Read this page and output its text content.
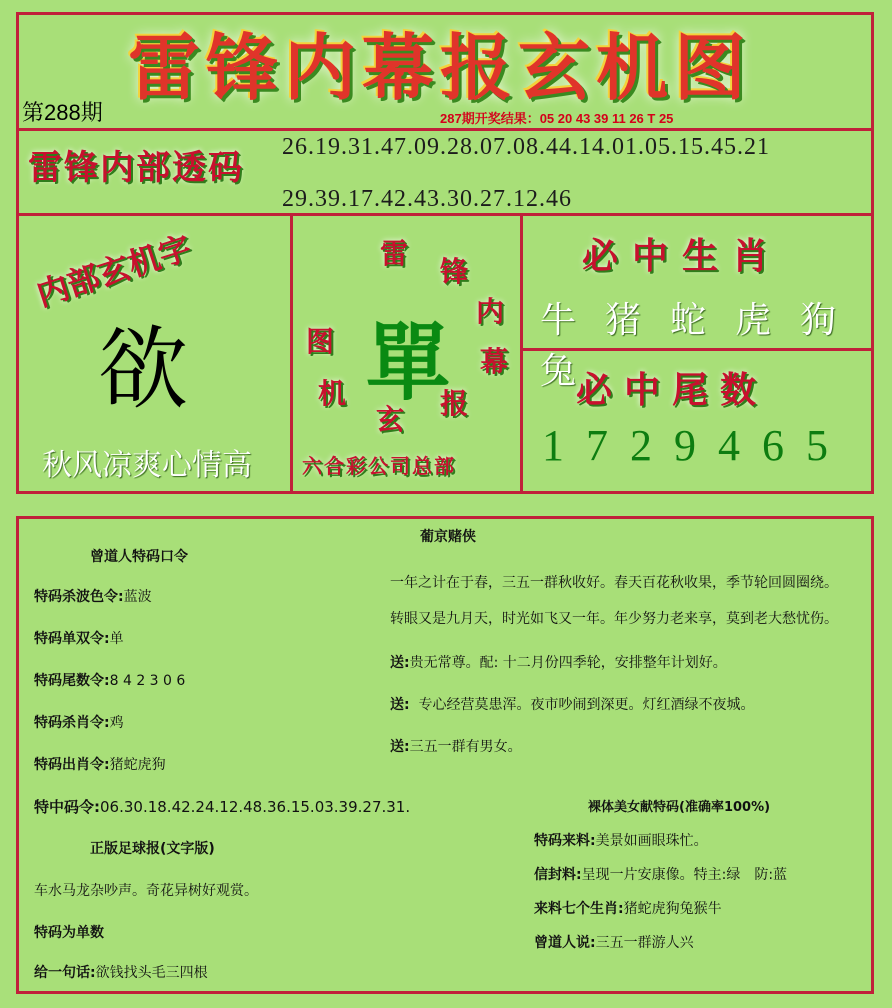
雷锋内幕报玄机图
第288期	287期开奖结果：05 20 43 39 11 26 T 25
雷锋内部透码
26.19.31.47.09.28.07.08.44.14.01.05.15.45.21
29.39.17.42.43.30.27.12.46
内部玄机字
欲
秋风凉爽心情高
雷
锋
内
幕
报
玄
机
图 單
六合彩公司总部
必中生肖
牛 猪 蛇 虎 狗 兔
必中尾数
1729465
葡京赌侠
曾道人特码口令
特码杀波色令:蓝波
特码单双令:单
特码尾数令:8 4 2 3 0 6
特码杀肖令:鸡
特码出肖令:猪蛇虎狗
特中码令:06.30.18.42.24.12.48.36.15.03.39.27.31.
正版足球报(文字版)
车水马龙杂吵声。奇花异树好观赏。
特码为单数
给一句话:欲钱找头毛三四根
一年之计在于春，三五一群秋收好。春天百花秋收果，季节轮回圆圈绕。
转眼又是九月天，时光如飞又一年。年少努力老来享，莫到老大愁忧伤。
送:贵无常尊。配: 十二月份四季轮，安排整年计划好。
送: 专心经营莫患浑。夜市吵闹到深更。灯红酒绿不夜城。
送:三五一群有男女。
裸体美女献特码(准确率100%)
特码来料:美景如画眼珠忙。
信封料:呈现一片安康像。特主:绿　防:蓝
来料七个生肖:猪蛇虎狗兔猴牛
曾道人说:三五一群游人兴
